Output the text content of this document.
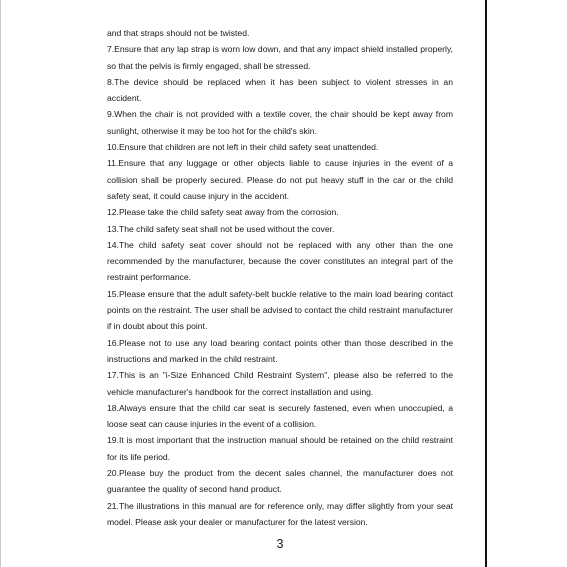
and that straps should not be twisted.

7.Ensure that any lap strap is worn low down, and that any impact shield installed properly, so that the pelvis is firmly engaged, shall be stressed.

8.The device should be replaced when it has been subject to violent stresses in an accident.

9.When the chair is not provided with a textile cover, the chair should be kept away from sunlight, otherwise it may be too hot for the child's skin.

10.Ensure that children are not left in their child safety seat unattended.

11.Ensure that any luggage or other objects liable to cause injuries in the event of a collision shall be properly secured. Please do not put heavy stuff in the car or the child safety seat, it could cause injury in the accident.

12.Please take the child safety seat away from the corrosion.

13.The child safety seat shall not be used without the cover.

14.The child safety seat cover should not be replaced with any other than the one recommended by the manufacturer, because the cover constitutes an integral part of the restraint performance.

15.Please ensure that the adult safety-belt buckle relative to the main load bearing contact points on the restraint. The user shall be advised to contact the child restraint manufacturer if in doubt about this point.

16.Please not to use any load bearing contact points other than those described in the instructions and marked in the child restraint.

17.This is an "i-Size Enhanced Child Restraint System", please also be referred to the vehicle manufacturer's handbook for the correct installation and using.

18.Always ensure that the child car seat is securely fastened, even when unoccupied, a loose seat can cause injuries in the event of a collision.

19.It is most important that the instruction manual should be retained on the child restraint for its life period.

20.Please buy the product from the decent sales channel, the manufacturer does not guarantee the quality of second hand product.

21.The illustrations in this manual are for reference only, may differ slightly from your seat model. Please ask your dealer or manufacturer for the latest version.

3
